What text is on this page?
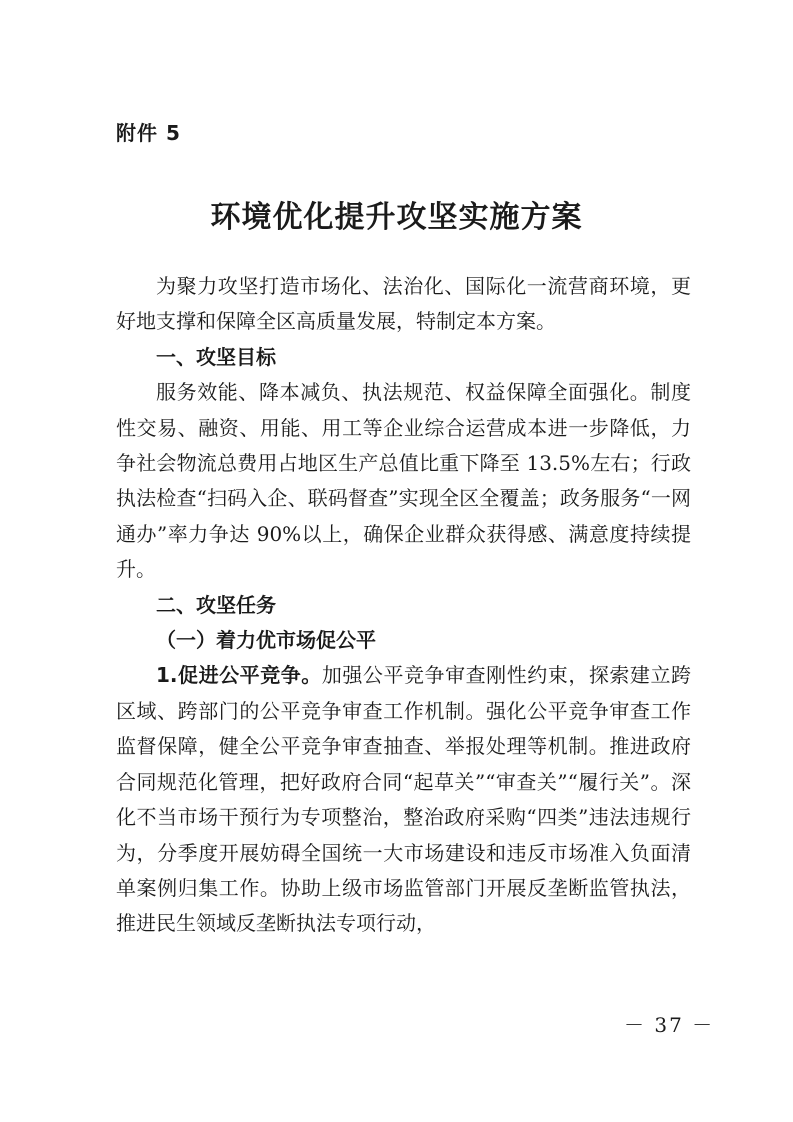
附件 5
环境优化提升攻坚实施方案

为聚力攻坚打造市场化、法治化、国际化一流营商环境，更好地支撑和保障全区高质量发展，特制定本方案。

一、攻坚目标

服务效能、降本减负、执法规范、权益保障全面强化。制度性交易、融资、用能、用工等企业综合运营成本进一步降低，力争社会物流总费用占地区生产总值比重下降至 13.5%左右；行政执法检查“扫码入企、联码督查”实现全区全覆盖；政务服务“一网通办”率力争达 90%以上，确保企业群众获得感、满意度持续提升。

二、攻坚任务

（一）着力优市场促公平

1.促进公平竞争。加强公平竞争审查刚性约束，探索建立跨区域、跨部门的公平竞争审查工作机制。强化公平竞争审查工作监督保障，健全公平竞争审查抽查、举报处理等机制。推进政府合同规范化管理，把好政府合同“起草关”“审查关”“履行关”。深化不当市场干预行为专项整治，整治政府采购“四类”违法违规行为，分季度开展妨碍全国统一大市场建设和违反市场准入负面清单案例归集工作。协助上级市场监管部门开展反垄断监管执法，推进民生领域反垄断执法专项行动，

－ 37 －
